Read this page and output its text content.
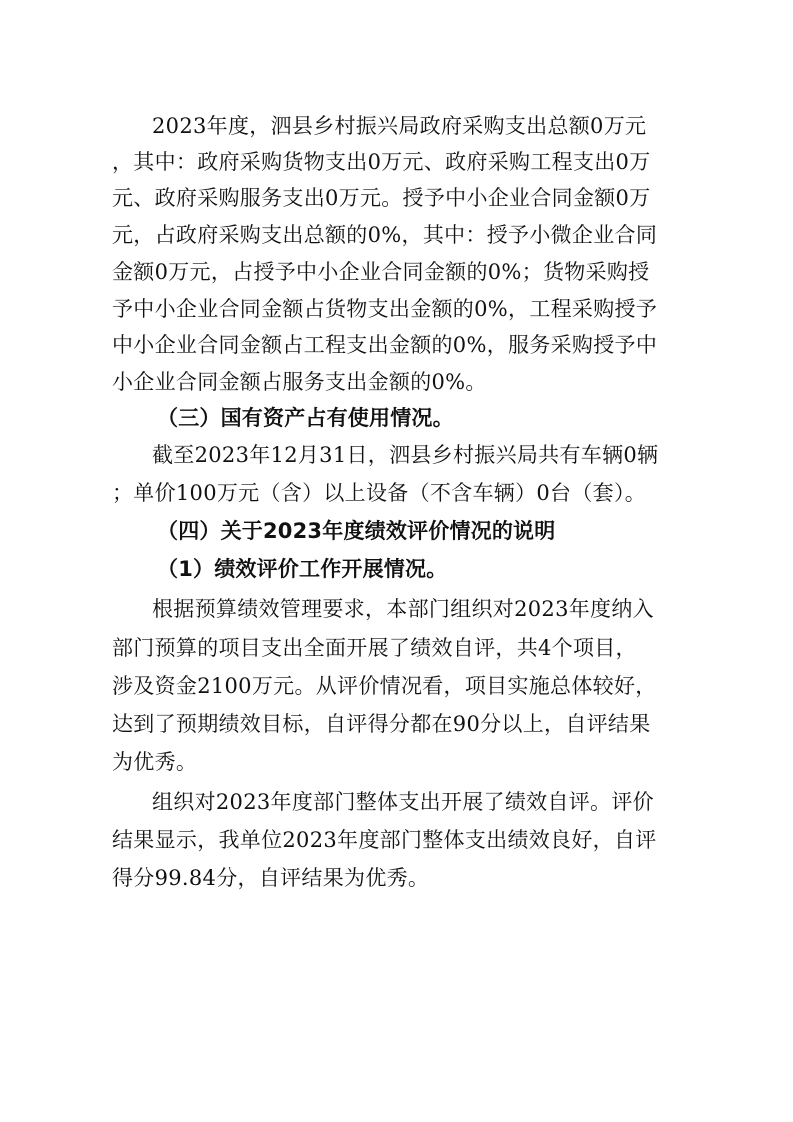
2023年度，泗县乡村振兴局政府采购支出总额0万元
，其中：政府采购货物支出0万元、政府采购工程支出0万
元、政府采购服务支出0万元。授予中小企业合同金额0万
元，占政府采购支出总额的0%，其中：授予小微企业合同
金额0万元，占授予中小企业合同金额的0%；货物采购授
予中小企业合同金额占货物支出金额的0%，工程采购授予
中小企业合同金额占工程支出金额的0%，服务采购授予中
小企业合同金额占服务支出金额的0%。
（三）国有资产占有使用情况。
截至2023年12月31日，泗县乡村振兴局共有车辆0辆
；单价100万元（含）以上设备（不含车辆）0台（套）。
（四）关于2023年度绩效评价情况的说明
（1）绩效评价工作开展情况。
根据预算绩效管理要求，本部门组织对2023年度纳入
部门预算的项目支出全面开展了绩效自评，共4个项目，
涉及资金2100万元。从评价情况看，项目实施总体较好，
达到了预期绩效目标，自评得分都在90分以上，自评结果
为优秀。
组织对2023年度部门整体支出开展了绩效自评。评价
结果显示，我单位2023年度部门整体支出绩效良好，自评
得分99.84分，自评结果为优秀。
